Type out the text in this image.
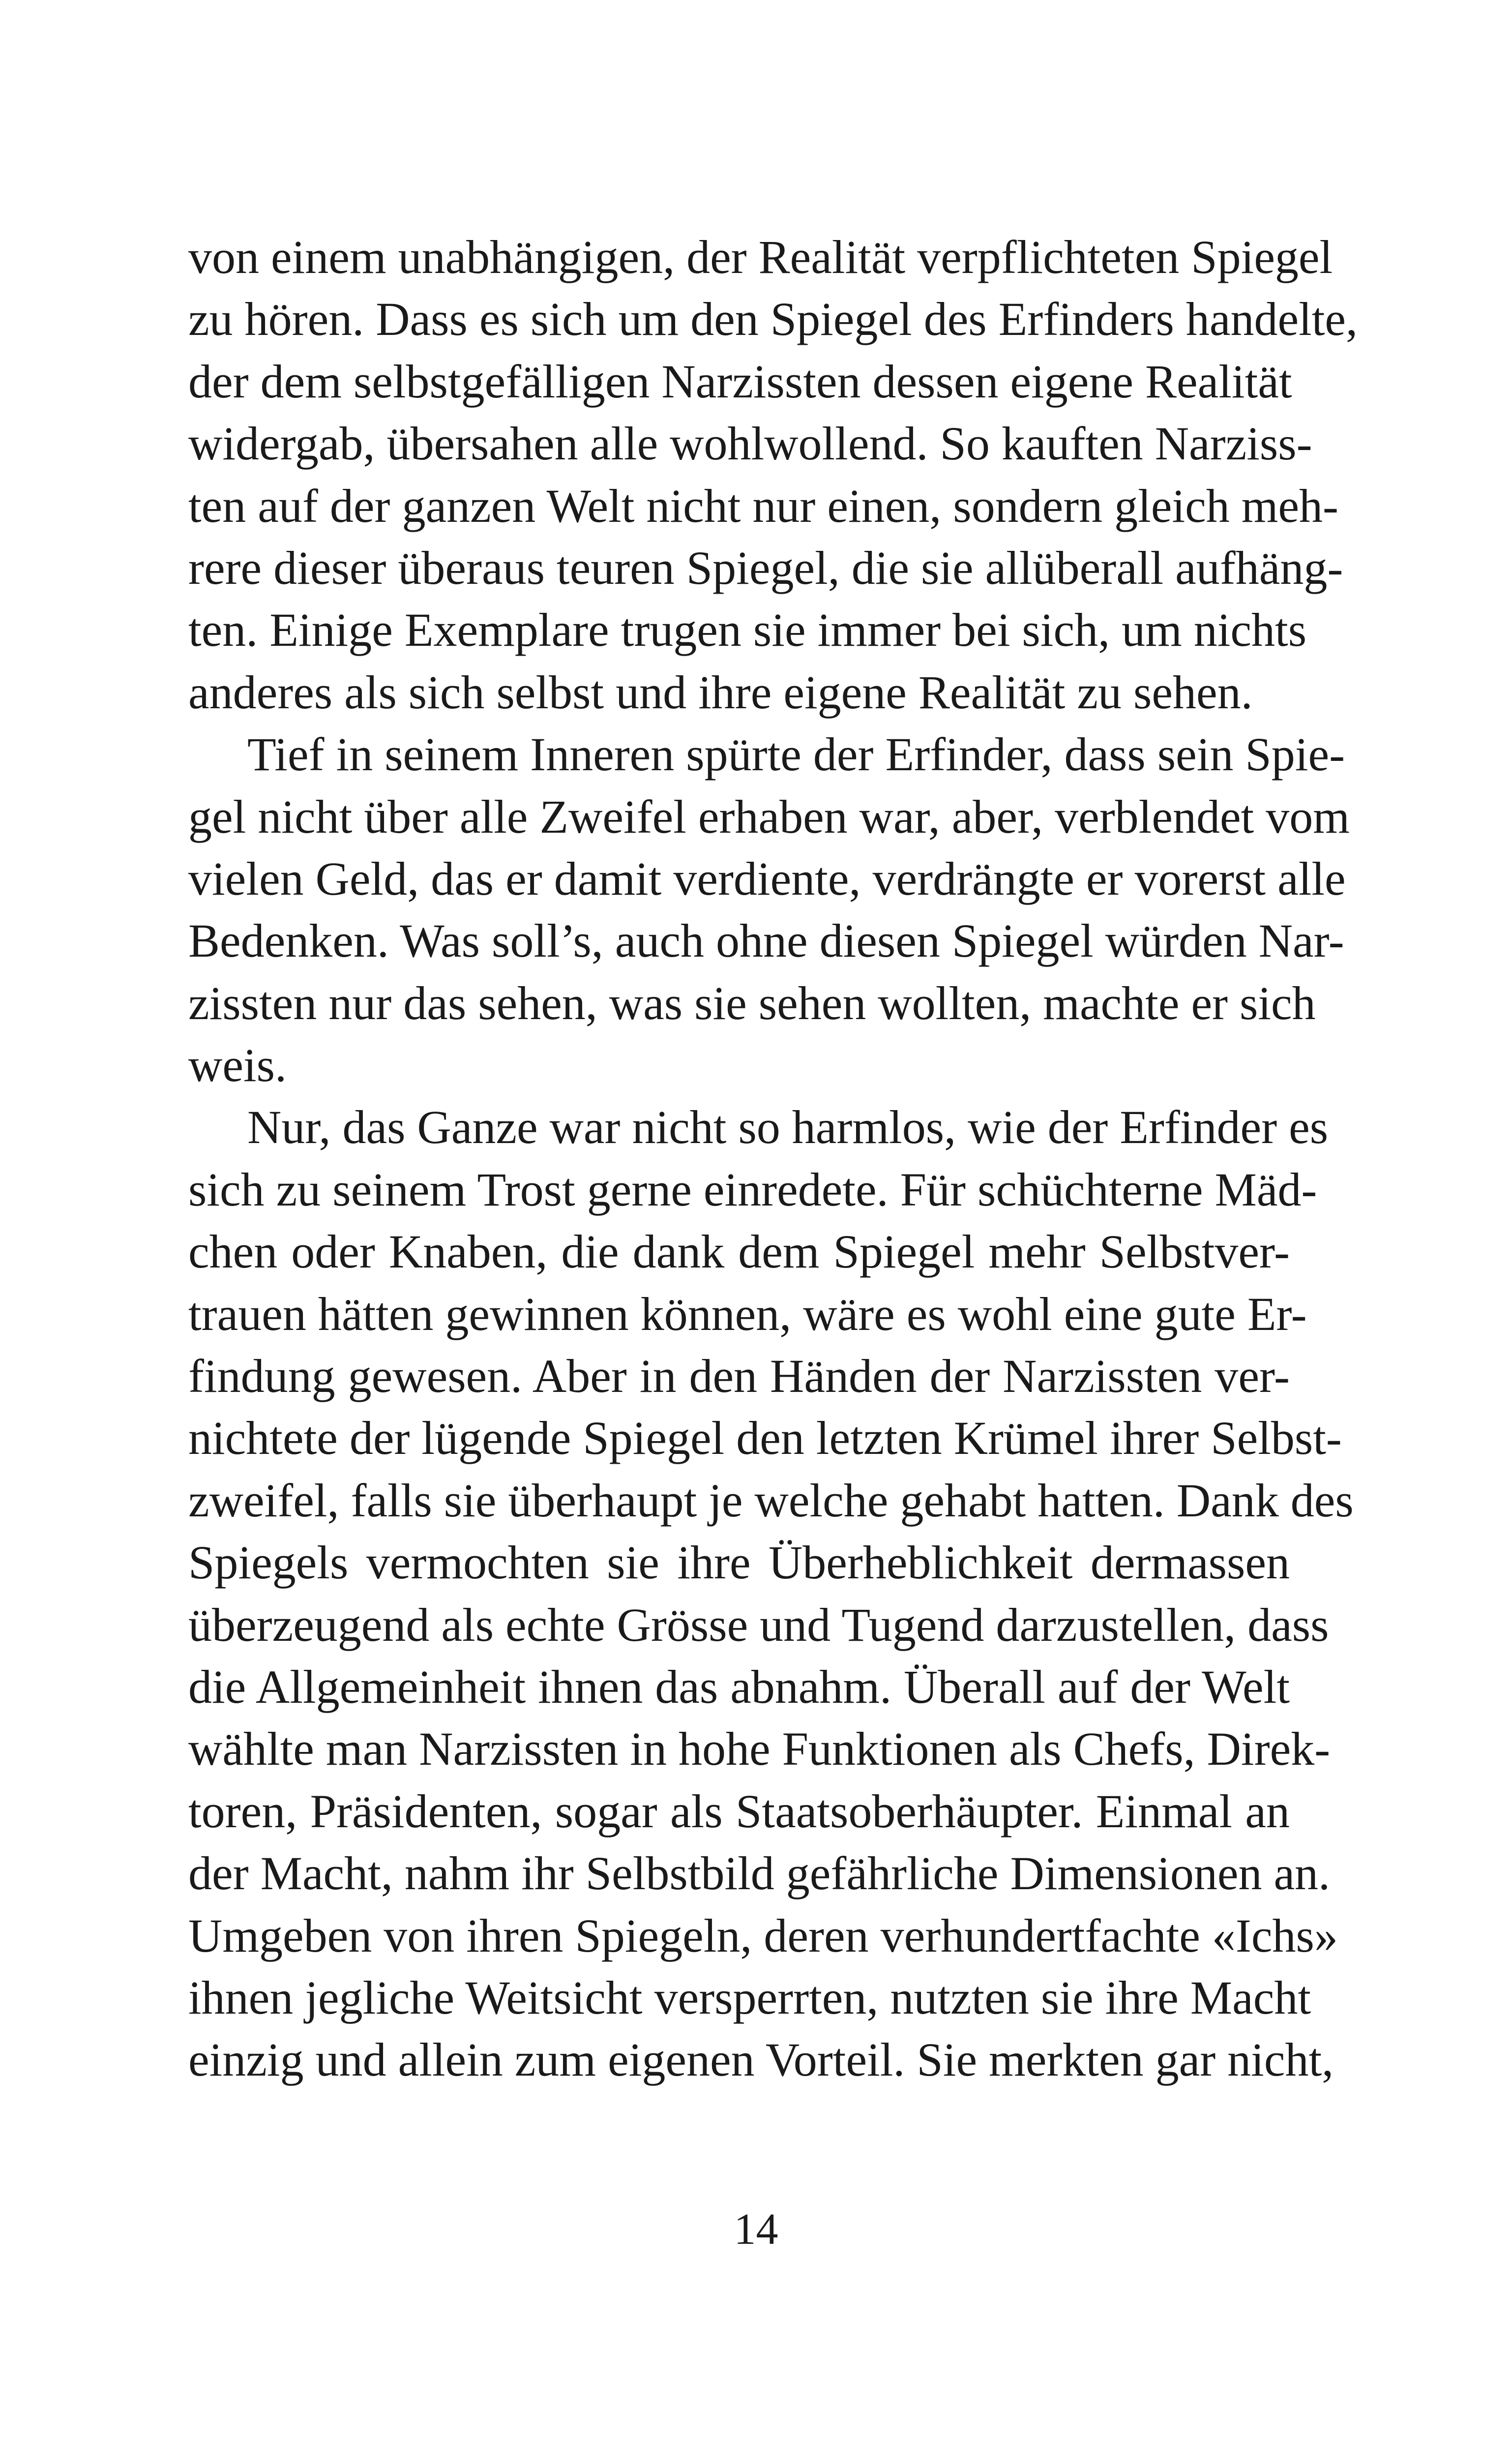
von einem unabhängigen, der Realität verpflichteten Spiegel
zu hören. Dass es sich um den Spiegel des Erfinders handelte,
der dem selbstgefälligen Narzissten dessen eigene Realität
widergab, übersahen alle wohlwollend. So kauften Narziss-
ten auf der ganzen Welt nicht nur einen, sondern gleich meh-
rere dieser überaus teuren Spiegel, die sie allüberall aufhäng-
ten. Einige Exemplare trugen sie immer bei sich, um nichts
anderes als sich selbst und ihre eigene Realität zu sehen.
Tief in seinem Inneren spürte der Erfinder, dass sein Spie-
gel nicht über alle Zweifel erhaben war, aber, verblendet vom
vielen Geld, das er damit verdiente, verdrängte er vorerst alle
Bedenken. Was soll’s, auch ohne diesen Spiegel würden Nar-
zissten nur das sehen, was sie sehen wollten, machte er sich
weis.
Nur, das Ganze war nicht so harmlos, wie der Erfinder es
sich zu seinem Trost gerne einredete. Für schüchterne Mäd-
chen oder Knaben, die dank dem Spiegel mehr Selbstver-
trauen hätten gewinnen können, wäre es wohl eine gute Er-
findung gewesen. Aber in den Händen der Narzissten ver-
nichtete der lügende Spiegel den letzten Krümel ihrer Selbst-
zweifel, falls sie überhaupt je welche gehabt hatten. Dank des
Spiegels vermochten sie ihre Überheblichkeit dermassen
überzeugend als echte Grösse und Tugend darzustellen, dass
die Allgemeinheit ihnen das abnahm. Überall auf der Welt
wählte man Narzissten in hohe Funktionen als Chefs, Direk-
toren, Präsidenten, sogar als Staatsoberhäupter. Einmal an
der Macht, nahm ihr Selbstbild gefährliche Dimensionen an.
Umgeben von ihren Spiegeln, deren verhundertfachte «Ichs»
ihnen jegliche Weitsicht versperrten, nutzten sie ihre Macht
einzig und allein zum eigenen Vorteil. Sie merkten gar nicht,
14
